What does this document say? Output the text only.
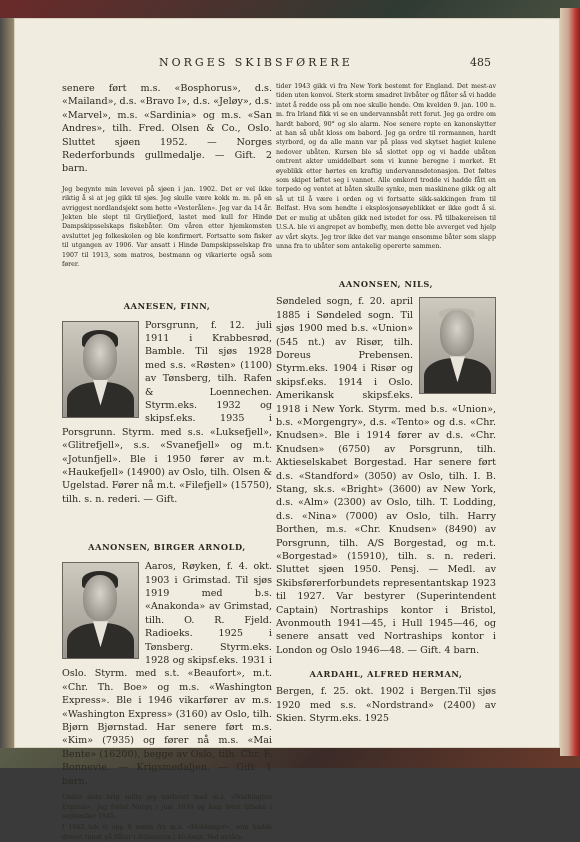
NORGES SKIBSFØRERE	485

senere ført m.s. «Bosphorus», d.s. «Mailand», d.s. «Bravo I», d.s. «Jeløy», d.s. «Marvel», m.s. «Sardinia» og m.s. «San Andres», tilh. Fred. Olsen & Co., Oslo. Sluttet sjøen 1952. — Norges Rederforbunds gullmedalje. — Gift. 2 barn.

Jeg begynte min levevei på sjøen i jan. 1902. Det er vel ikke riktig å si at jeg gikk til sjøs. Jeg skulle være kokk m. m. på en avriggest nordlandsjekt som hette «Vesterålen». Jeg var da 14 år. Jekten ble slept til Grylliefjord, lastet med kull for Hindø Dampskipsselskaps fiskebåter. Om våren etter hjemkomsten avsluttet jeg folkeskolen og ble konfirmert. Fortsatte som fisker til utgangen av 1906. Var ansatt i Hindø Dampskipsselskap fra 1907 til 1913, som matros, bestmann og vikarierte også som fører.

AANESEN, FINN,

Porsgrunn, f. 12. juli 1911 i Krabbesrød, Bamble. Til sjøs 1928 med s.s. «Røsten» (1100) av Tønsberg, tilh. Rafen & Loennechen. Styrm.eks. 1932 og skipsf.eks. 1935 i Porsgrunn. Styrm. med s.s. «Luksefjell», «Glitrefjell», s.s. «Svanefjell» og m.t. «Jotunfjell». Ble i 1950 fører av m.t. «Haukefjell» (14900) av Oslo, tilh. Olsen & Ugelstad. Fører nå m.t. «Filefjell» (15750), tilh. s. n. rederi. — Gift.

AANONSEN, BIRGER ARNOLD,

Aaros, Røyken, f. 4. okt. 1903 i Grimstad. Til sjøs 1919 med b.s. «Anakonda» av Grimstad, tilh. O. R. Fjeld. Radioeks. 1925 i Tønsberg. Styrm.eks. 1928 og skipsf.eks. 1931 i Oslo. Styrm. med s.t. «Beaufort», m.t. «Chr. Th. Boe» og m.s. «Washington Express». Ble i 1946 vikarfører av m.s. «Washington Express» (3160) av Oslo, tilh. Bjørn Bjørnstad. Har senere ført m.s. «Kim» (7935) og fører nå m.s. «Mai Bente» (16200), begge av Oslo, tilh. Chr. F. Bonnevie. — Krigsmedaljen. — Gift. 1 barn.

Under siste krig seilte jeg uavbrutt med m.s. «Washington Express». Jeg forlot Norge i juni 1939 og kom først tilbake i september 1945.

I 1942 tok vi opp 9 mann fra m.s. «Moldanger», som hadde drevet rundt på flåter i Atlanteren i 46 døgn. Ved nytårs-

tider 1943 gikk vi fra New York bestemt for England. Det mest-av tiden uten konvoi. Sterk storm smadret livbåter og flåter så vi hadde intet å redde oss på om noe skulle hende. Om kvelden 9. jan. 100 n. m. fra Irland fikk vi se en undervannsbåt rett forut. Jeg ga ordre om hardt babord, 90° og slo alarm. Noe senere ropte en kanonskytter at han så ubåt kloss om babord. Jeg ga ordre til rormannen, hardt styrbord, og da alle mann var på plass ved skytset hagiet kulene nedover ubåten. Kursen ble så slottet opp og vi hadde ubåten omtrent akter umiddelbart som vi kunne beregne i morket. Et øyeblikk etter hørtes en kraftig undervannsdetonasjon. Det føltes som skipet løftet seg i vannet. Alle omkord trodde vi hadde fått en torpedo og ventet at båten skulle synke, men maskinene gikk og alt så ut til å være i orden og vi fortsatte sikk-sakkingen fram til Belfast. Hva som hendte i eksplosjonsøyeblikket er ikke godt å si. Det er mulig at ubåten gikk ned istedet for oss. På tilbakereisen til U.S.A. ble vi angrepet av bombefly, men dette ble avverget ved hjelp av vårt skyts. Jeg tror ikke det var mange ensomme båter som slapp unna fra to ubåter som antakelig opererte sammen.

AANONSEN, NILS,

Søndeled sogn, f. 20. april 1885 i Søndeled sogn. Til sjøs 1900 med b.s. «Union» (545 nt.) av Risør, tilh. Doreus Prebensen. Styrm.eks. 1904 i Risør og skipsf.eks. 1914 i Oslo. Amerikansk skipsf.eks. 1918 i New York. Styrm. med b.s. «Union», b.s. «Morgengry», d.s. «Tento» og d.s. «Chr. Knudsen». Ble i 1914 fører av d.s. «Chr. Knudsen» (6750) av Porsgrunn, tilh. Aktieselskabet Borgestad. Har senere ført d.s. «Standford» (3050) av Oslo, tilh. I. B. Stang, sk.s. «Bright» (3600) av New York, d.s. «Alm» (2300) av Oslo, tilh. T. Lodding, d.s. «Nina» (7000) av Oslo, tilh. Harry Borthen, m.s. «Chr. Knudsen» (8490) av Porsgrunn, tilh. A/S Borgestad, og m.t. «Borgestad» (15910), tilh. s. n. rederi. Sluttet sjøen 1950. Pensj. — Medl. av Skibsførerforbundets representantskap 1923 til 1927. Var bestyrer (Superintendent Captain) Nortraships kontor i Bristol, Avonmouth 1941—45, i Hull 1945—46, og senere ansatt ved Nortraships kontor i London og Oslo 1946—48. — Gift. 4 barn.

AARDAHL, ALFRED HERMAN,

Bergen, f. 25. okt. 1902 i Bergen.Til sjøs 1920 med s.s. «Nordstrand» (2400) av Skien. Styrm.eks. 1925
